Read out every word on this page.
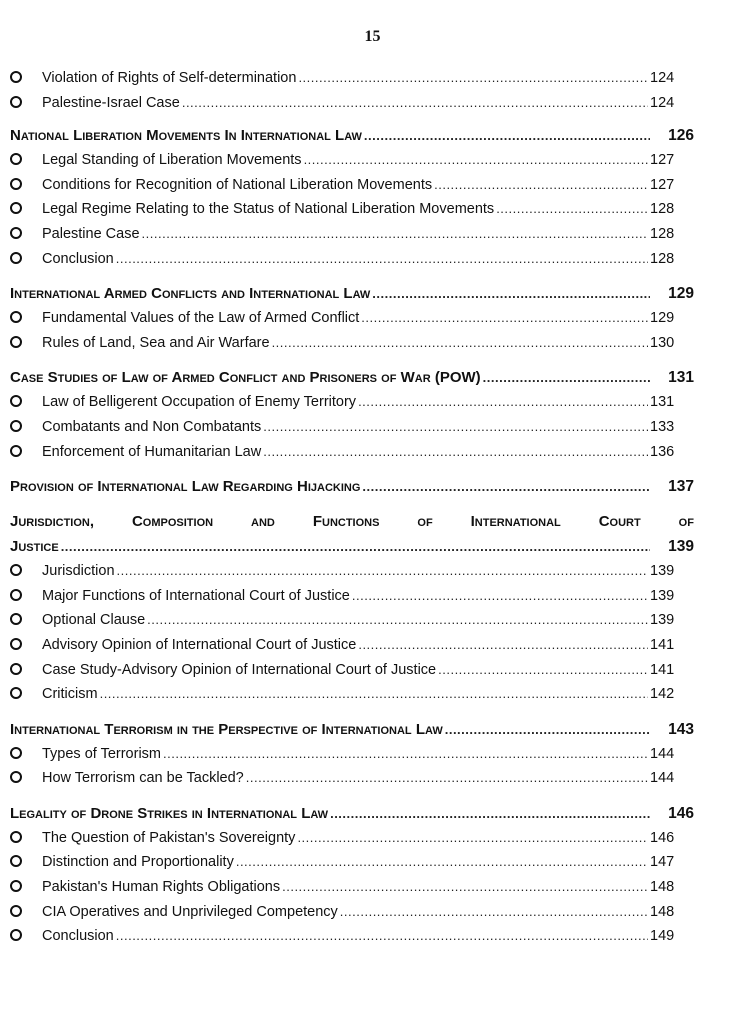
15
Violation of Rights of Self-determination .....	124
Palestine-Israel Case .....	124
National Liberation Movements In International Law .....	126
Legal Standing of Liberation Movements .....	127
Conditions for Recognition of National Liberation Movements .....	127
Legal Regime Relating to the Status of National Liberation Movements .....	128
Palestine Case .....	128
Conclusion .....	128
International Armed Conflicts and International Law .....	129
Fundamental Values of the Law of Armed Conflict .....	129
Rules of Land, Sea and Air Warfare .....	130
Case Studies of Law of Armed Conflict and Prisoners of War (POW) .....	131
Law of Belligerent Occupation of Enemy Territory .....	131
Combatants and Non Combatants .....	133
Enforcement of Humanitarian Law .....	136
Provision of International Law Regarding Hijacking .....	137
Jurisdiction,	Composition	and	Functions	of	International	Court	of
Justice .....	139
Jurisdiction .....	139
Major Functions of International Court of Justice .....	139
Optional Clause .....	139
Advisory Opinion of International Court of Justice .....	141
Case Study-Advisory Opinion of International Court of Justice .....	141
Criticism .....	142
International Terrorism in the Perspective of International Law .....	143
Types of Terrorism .....	144
How Terrorism can be Tackled? .....	144
Legality of Drone Strikes in International Law .....	146
The Question of Pakistan's Sovereignty .....	146
Distinction and Proportionality .....	147
Pakistan's Human Rights Obligations .....	148
CIA Operatives and Unprivileged Competency .....	148
Conclusion .....	149
